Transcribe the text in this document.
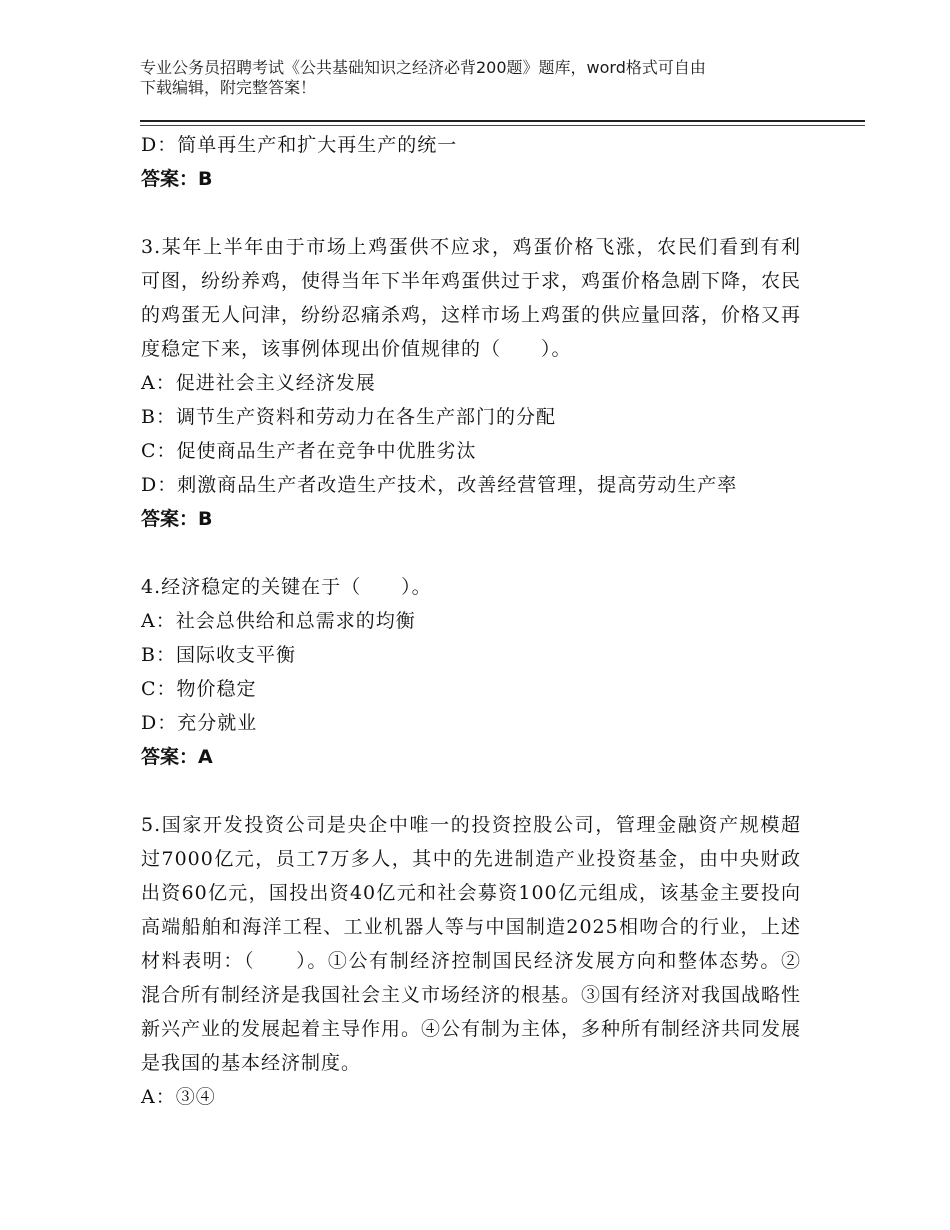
专业公务员招聘考试《公共基础知识之经济必背200题》题库，word格式可自由
下载编辑，附完整答案！
D：简单再生产和扩大再生产的统一
答案：B
3.某年上半年由于市场上鸡蛋供不应求，鸡蛋价格飞涨，农民们看到有利可图，纷纷养鸡，使得当年下半年鸡蛋供过于求，鸡蛋价格急剧下降，农民的鸡蛋无人问津，纷纷忍痛杀鸡，这样市场上鸡蛋的供应量回落，价格又再度稳定下来，该事例体现出价值规律的（　　）。
A：促进社会主义经济发展
B：调节生产资料和劳动力在各生产部门的分配
C：促使商品生产者在竞争中优胜劣汰
D：刺激商品生产者改造生产技术，改善经营管理，提高劳动生产率
答案：B
4.经济稳定的关键在于（　　）。
A：社会总供给和总需求的均衡
B：国际收支平衡
C：物价稳定
D：充分就业
答案：A
5.国家开发投资公司是央企中唯一的投资控股公司，管理金融资产规模超过7000亿元，员工7万多人，其中的先进制造产业投资基金，由中央财政出资60亿元，国投出资40亿元和社会募资100亿元组成，该基金主要投向高端船舶和海洋工程、工业机器人等与中国制造2025相吻合的行业，上述材料表明：（　　）。①公有制经济控制国民经济发展方向和整体态势。②混合所有制经济是我国社会主义市场经济的根基。③国有经济对我国战略性新兴产业的发展起着主导作用。④公有制为主体，多种所有制经济共同发展是我国的基本经济制度。
A：③④
